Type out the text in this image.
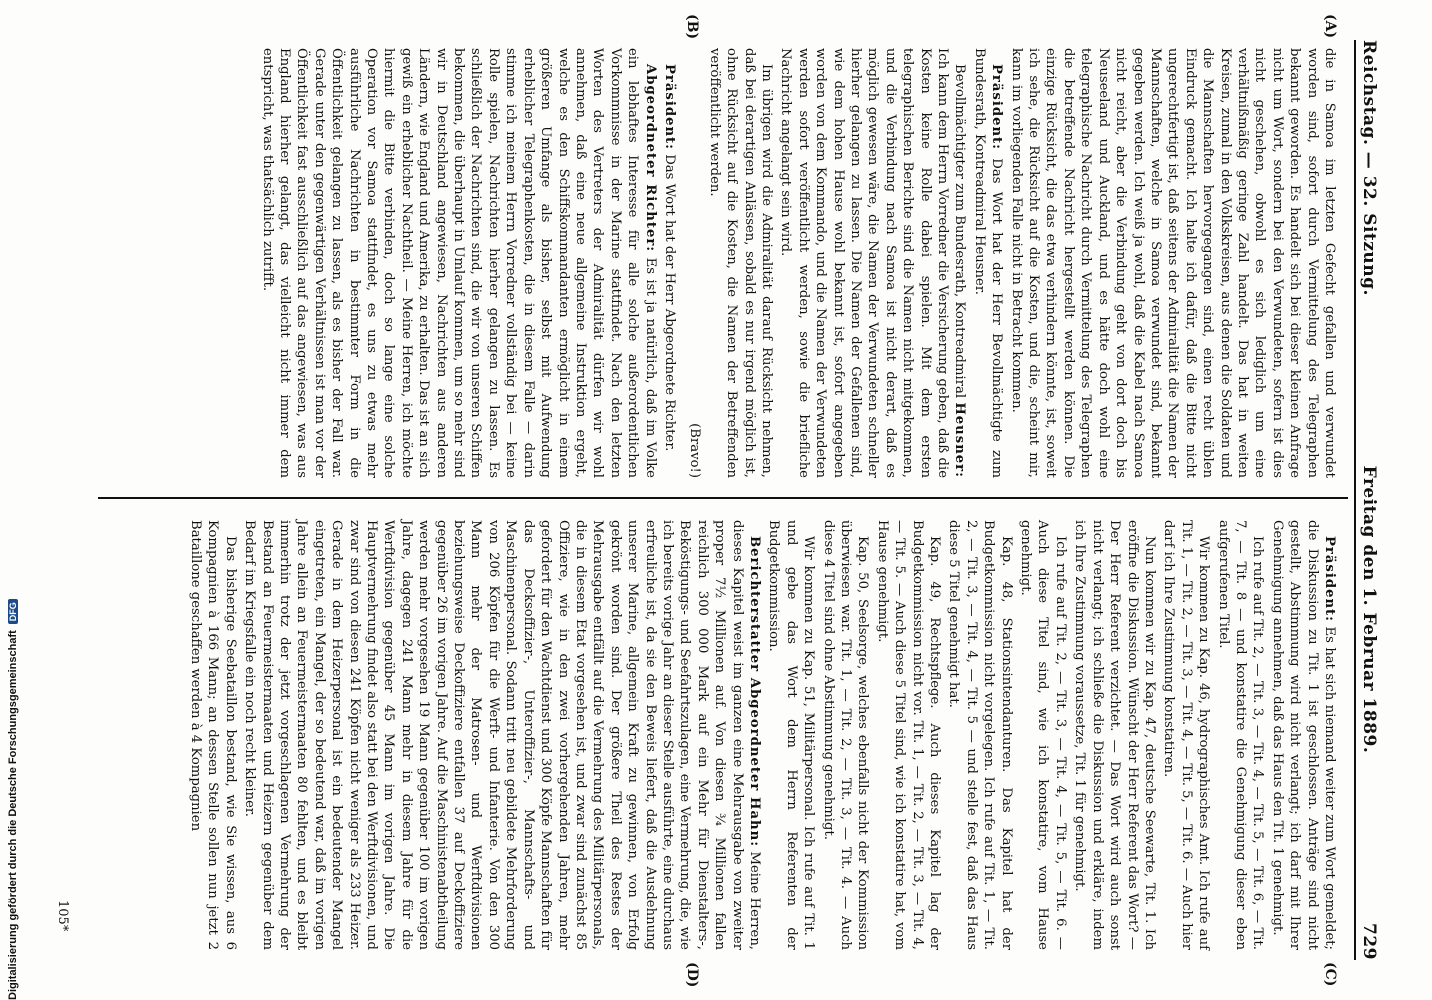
Reichstag. — 32. Sitzung.
Freitag den 1. Februar 1889.
729
(A)
(B)
(C)
(D)

die in Samoa im letzten Gefecht gefallen und verwundet worden sind, sofort durch Vermittelung des Telegraphen bekannt geworden. Es handelt sich bei dieser kleinen Anfrage nicht um Wort, sondern bei den Verwundeten, sofern ist dies nicht geschehen, obwohl es sich lediglich um eine verhältnißmäßig geringe Zahl handelt. Das hat in weiten Kreisen, zumal in den Volkskreisen, aus denen die Soldaten und die Mannschaften hervorgegangen sind, einen recht üblen Eindruck gemacht. Ich halte ich dafür, daß die Bitte nicht ungerechtfertigt ist, daß seitens der Admiralität die Namen der Mannschaften, welche in Samoa verwundet sind, bekannt gegeben werden. Ich weiß ja wohl, daß die Kabel nach Samoa nicht reicht, aber die Verbindung geht von dort doch bis Neuseeland und Auckland, und es hätte doch wohl eine telegraphische Nachricht durch Vermittelung des Telegraphen die betreffende Nachricht hergestellt werden können. Die einzige Rücksicht, die das etwa verhindern könnte, ist, soweit ich sehe, die Rücksicht auf die Kosten, und die, scheint mir, kann im vorliegenden Falle nicht in Betracht kommen.

Präsident: Das Wort hat der Herr Bevollmächtigte zum Bundesrath, Kontreadmiral Heusner.

Bevollmächtigter zum Bundesrath, Kontreadmiral Heusner: Ich kann dem Herrn Vorredner die Versicherung geben, daß die Kosten keine Rolle dabei spielen. Mit dem ersten telegraphischen Berichte sind die Namen nicht mitgekommen, und die Verbindung nach Samoa ist nicht derart, daß es möglich gewesen wäre, die Namen der Verwundeten schneller hierher gelangen zu lassen. Die Namen der Gefallenen sind, wie dem hohen Hause wohl bekannt ist, sofort angegeben worden von dem Kommando, und die Namen der Verwundeten werden sofort veröffentlicht werden, sowie die briefliche Nachricht angelangt sein wird.

Im übrigen wird die Admiralität darauf Rücksicht nehmen, daß bei derartigen Anlässen, sobald es nur irgend möglich ist, ohne Rücksicht auf die Kosten, die Namen der Betreffenden veröffentlicht werden.

(Bravo!)

Präsident: Das Wort hat der Herr Abgeordnete Richter.

Abgeordneter Richter: Es ist ja natürlich, daß im Volke ein lebhaftes Interesse für alle solche außerordentlichen Vorkommnisse in der Marine stattfindet. Nach den letzten Worten des Vertreters der Admiralität dürfen wir wohl annehmen, daß eine neue allgemeine Instruktion ergeht, welche es den Schiffskommandanten ermöglicht in einem größeren Umfange als bisher, selbst mit Aufwendung erheblicher Telegraphenkosten, die in diesem Falle — darin stimme ich meinem Herrn Vorredner vollständig bei — keine Rolle spielen, Nachrichten hierher gelangen zu lassen. Es schließlich der Nachrichten sind, die wir von unseren Schiffen bekommen, die überhaupt in Umlauf kommen, um so mehr sind wir in Deutschland angewiesen, Nachrichten aus anderen Ländern, wie England und Amerika, zu erhalten. Das ist an sich gewiß ein erheblicher Nachtheil. — Meine Herren, ich möchte hiermit die Bitte verbinden, doch so lange eine solche Operation vor Samoa stattfindet, es uns zu etwas mehr ausführliche Nachrichten in bestimmter Form in die Öffentlichkeit gelangen zu lassen, als es bisher der Fall war. Gerade unter den gegenwärtigen Verhältnissen ist man vor der Öffentlichkeit fast ausschließlich auf das angewiesen, was aus England hierher gelangt, das vielleicht nicht immer dem entspricht, was thatsächlich zutrifft.

Präsident: Es hat sich niemand weiter zum Wort gemeldet; die Diskussion zu Tit. 1 ist geschlossen. Anträge sind nicht gestellt, Abstimmung wird nicht verlangt; ich darf mit Ihrer Genehmigung annehmen, daß das Haus den Tit. 1 genehmigt.

Ich rufe auf Tit. 2, — Tit. 3, — Tit. 4, — Tit. 5, — Tit. 6, — Tit. 7, — Tit. 8 — und konstatire die Genehmigung dieser eben aufgerufenen Titel.

Wir kommen zu Kap. 46, hydrographisches Amt. Ich rufe auf Tit. 1, — Tit. 2, — Tit. 3, — Tit. 4, — Tit. 5, — Tit. 6. — Auch hier darf ich Ihre Zustimmung konstatiren.

Nun kommen wir zu Kap. 47, deutsche Seewarte, Tit. 1. Ich eröffne die Diskussion. Wünscht der Herr Referent das Wort? — Der Herr Referent verzichtet. — Das Wort wird auch sonst nicht verlangt; ich schließe die Diskussion und erkläre, indem ich Ihre Zustimmung voraussetze, Tit. 1 für genehmigt.

Ich rufe auf Tit. 2, — Tit. 3, — Tit. 4, — Tit. 5, — Tit. 6. — Auch diese Titel sind, wie ich konstatire, vom Hause genehmigt.

Kap. 48, Stationsintendanturen. Das Kapitel hat der Budgetkommission nicht vorgelegen. Ich rufe auf Tit. 1, — Tit. 2, — Tit. 3, — Tit. 4, — Tit. 5 — und stelle fest, daß das Haus diese 5 Titel genehmigt hat.

Kap. 49, Rechtspflege. Auch dieses Kapitel lag der Budgetkommission nicht vor. Tit. 1, — Tit. 2, — Tit. 3, — Tit. 4, — Tit. 5. — Auch diese 5 Titel sind, wie ich konstatire hat, vom Hause genehmigt.

Kap. 50, Seelsorge, welches ebenfalls nicht der Kommission überwiesen war. Tit. 1, — Tit. 2, — Tit. 3, — Tit. 4. — Auch diese 4 Titel sind ohne Abstimmung genehmigt.

Wir kommen zu Kap. 51, Militärpersonal. Ich rufe auf Tit. 1 und gebe das Wort dem Herrn Referenten der Budgetkommission.

Berichterstatter Abgeordneter Hahn: Meine Herren, dieses Kapitel weist im ganzen eine Mehrausgabe von zweiter proper 7½ Millionen auf. Von diesen ¾ Millionen fallen reichlich 300 000 Mark auf ein Mehr für Dienstalters-, Beköstigungs- und Seefahrtszulagen, eine Vermehrung, die, wie ich bereits vorige Jahr an dieser Stelle ausführte, eine durchaus erfreuliche ist, da sie den Beweis liefert, daß die Ausdehnung unserer Marine, allgemein Kraft zu gewinnen, von Erfolg gekrönt worden sind. Der größere Theil des Restes der Mehrausgabe entfällt auf die Vermehrung des Militärpersonals, die in diesem Etat vorgesehen ist, und zwar sind zunächst 85 Offiziere, wie in den zwei vorhergehenden Jahren, mehr gefordert für den Wachtdienst und 300 Köpfe Mannschaften für das Decksoffizier-, Unteroffizier-, Mannschafts- und Maschinenpersonal. Sodann tritt neu gebildete Mehrforderung von 206 Köpfen für die Werft- und Infanterie. Von den 300 Mann mehr der Matrosen- und Werftdivisionen beziehungsweise Deckoffiziere entfallen 37 auf Deckoffiziere gegenüber 26 im vorigen Jahre. Auf die Maschinistenabtheilung werden mehr vorgesehen 19 Mann gegenüber 100 im vorigen Jahre, dagegen 241 Mann mehr in diesem Jahre für die Werftdivision gegenüber 45 Mann im vorigen Jahre. Die Hauptvermehrung findet also statt bei den Werftdivisionen, und zwar sind von diesen 241 Köpfen nicht weniger als 233 Heizer. Gerade in dem Heizerpersonal ist ein bedeutender Mangel eingetreten, ein Mangel, der so bedeutend war, daß im vorigen Jahre allein an Feuermeistermaaten 80 fehlten, und es bleibt immerhin trotz der jetzt vorgeschlagenen Vermehrung der Bestand an Feuermeistermaaten und Heizern gegenüber dem Bedarf im Kriegsfalle ein noch recht kleiner.

Das bisherige Seebataillon bestand, wie Sie wissen, aus 6 Kompagnien à 166 Mann; an dessen Stelle sollen nun jetzt 2 Bataillone geschaffen werden à 4 Kompagnien

105*
Digitalisierung gefördert durch die Deutsche Forschungsgemeinschaft
DFG
